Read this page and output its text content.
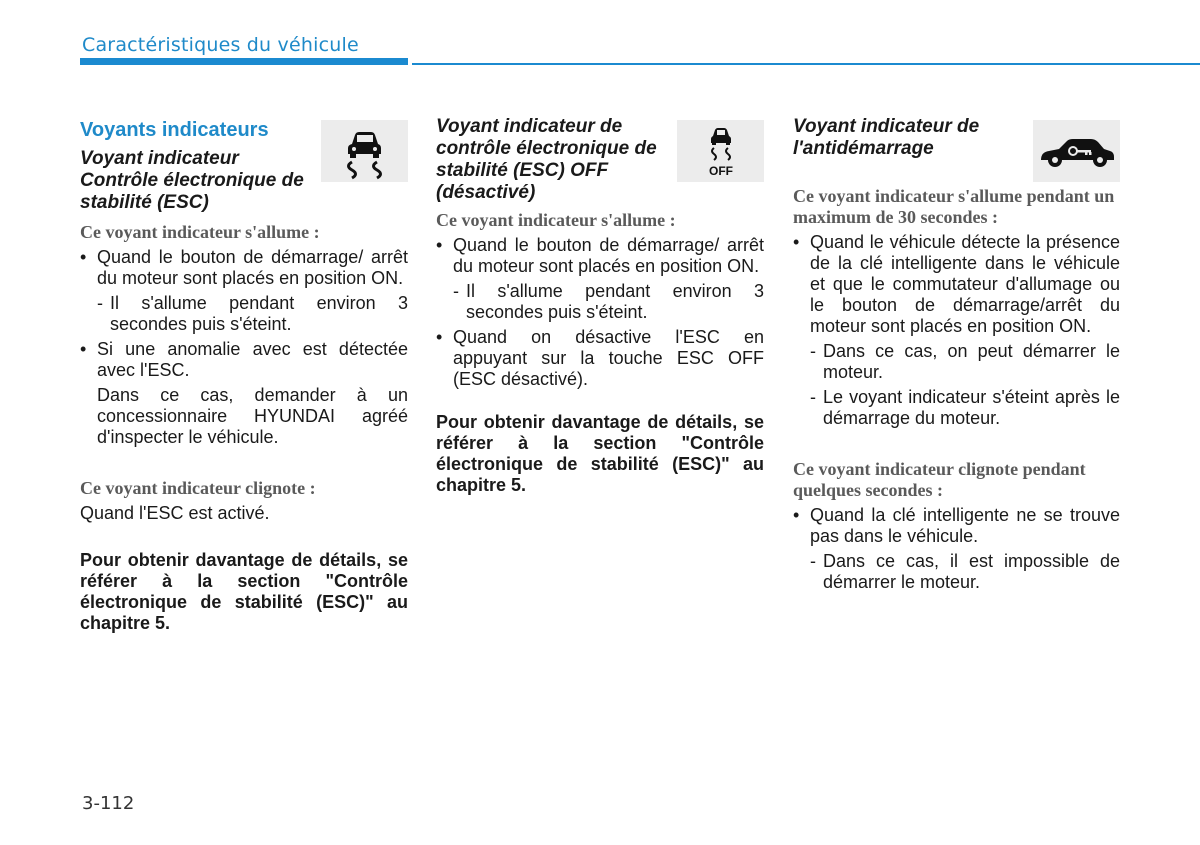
Caractéristiques du véhicule
Voyants indicateurs
Voyant indicateur Contrôle électronique de stabilité (ESC)
Ce voyant indicateur s'allume :
• Quand le bouton de démarrage/ arrêt du moteur sont placés en position ON.
- Il s'allume pendant environ 3 secondes puis s'éteint.
• Si une anomalie avec est détectée avec l'ESC.
Dans ce cas, demander à un concessionnaire HYUNDAI agréé d'inspecter le véhicule.
Ce voyant indicateur clignote :
Quand l'ESC est activé.
Pour obtenir davantage de détails, se référer à la section "Contrôle électronique de stabilité (ESC)" au chapitre 5.
Voyant indicateur de contrôle électronique de stabilité (ESC) OFF (désactivé)
Ce voyant indicateur s'allume :
• Quand le bouton de démarrage/ arrêt du moteur sont placés en position ON.
- Il s'allume pendant environ 3 secondes puis s'éteint.
• Quand on désactive l'ESC en appuyant sur la touche ESC OFF (ESC désactivé).
Pour obtenir davantage de détails, se référer à la section "Contrôle électronique de stabilité (ESC)" au chapitre 5.
OFF
Voyant indicateur de l'antidémarrage
Ce voyant indicateur s'allume pendant un maximum de 30 secondes :
• Quand le véhicule détecte la présence de la clé intelligente dans le véhicule et que le commutateur d'allumage ou le bouton de démarrage/arrêt du moteur sont placés en position ON.
- Dans ce cas, on peut démarrer le moteur.
- Le voyant indicateur s'éteint après le démarrage du moteur.
Ce voyant indicateur clignote pendant quelques secondes :
• Quand la clé intelligente ne se trouve pas dans le véhicule.
- Dans ce cas, il est impossible de démarrer le moteur.
3-112
